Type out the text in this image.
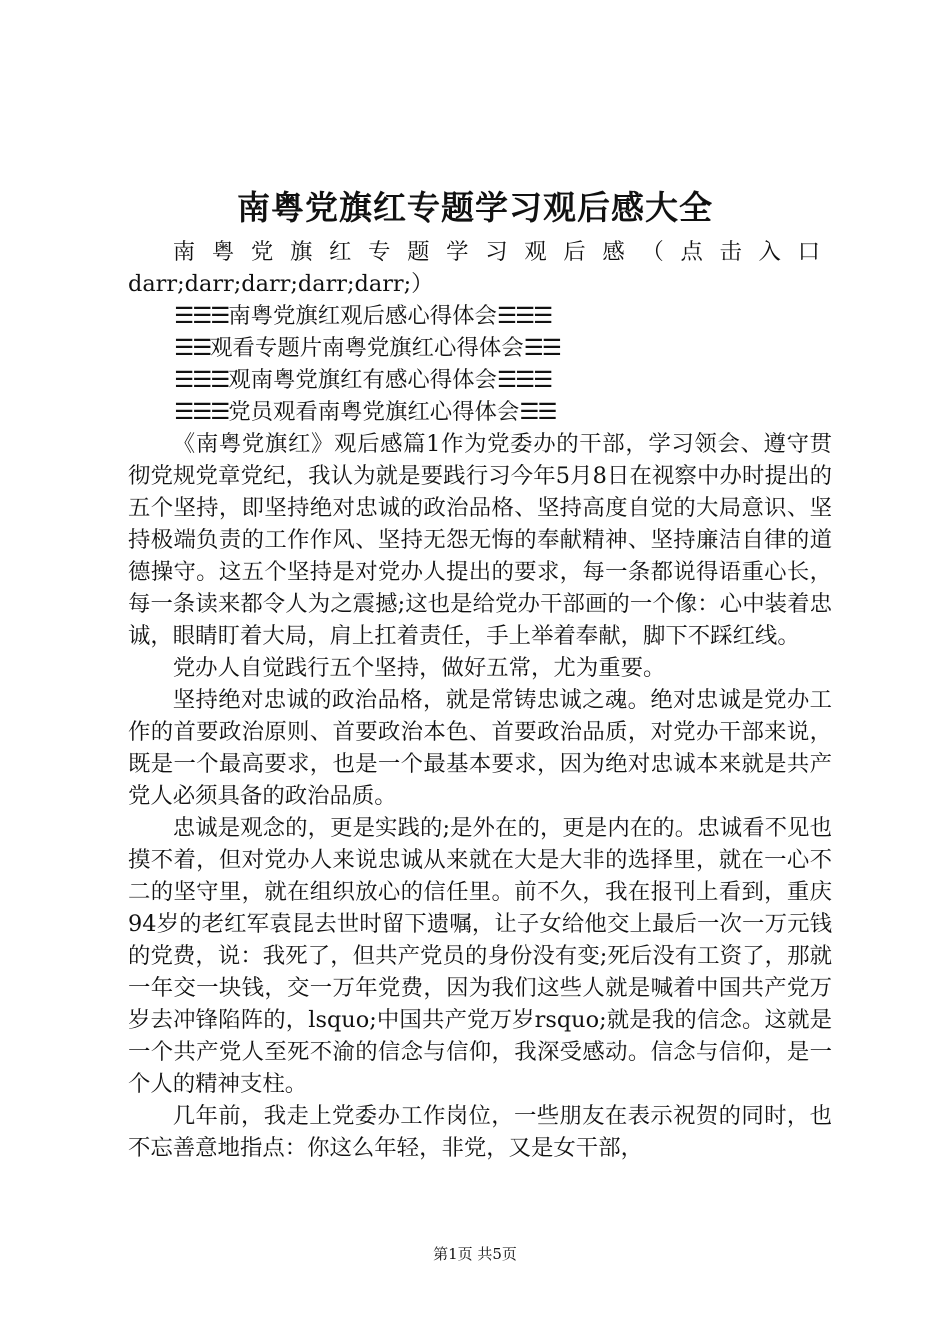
南粤党旗红专题学习观后感大全

南粤党旗红专题学习观后感（点击入口

darr;darr;darr;darr;darr;）

☰☰☰南粤党旗红观后感心得体会☰☰☰
☰☰观看专题片南粤党旗红心得体会☰☰
☰☰☰观南粤党旗红有感心得体会☰☰☰
☰☰☰党员观看南粤党旗红心得体会☰☰

《南粤党旗红》观后感篇1作为党委办的干部，学习领会、遵守贯彻党规党章党纪，我认为就是要践行习今年5月8日在视察中办时提出的五个坚持，即坚持绝对忠诚的政治品格、坚持高度自觉的大局意识、坚持极端负责的工作作风、坚持无怨无悔的奉献精神、坚持廉洁自律的道德操守。这五个坚持是对党办人提出的要求，每一条都说得语重心长，每一条读来都令人为之震撼;这也是给党办干部画的一个像：心中装着忠诚，眼睛盯着大局，肩上扛着责任，手上举着奉献，脚下不踩红线。

党办人自觉践行五个坚持，做好五常，尤为重要。

坚持绝对忠诚的政治品格，就是常铸忠诚之魂。绝对忠诚是党办工作的首要政治原则、首要政治本色、首要政治品质，对党办干部来说，既是一个最高要求，也是一个最基本要求，因为绝对忠诚本来就是共产党人必须具备的政治品质。

忠诚是观念的，更是实践的;是外在的，更是内在的。忠诚看不见也摸不着，但对党办人来说忠诚从来就在大是大非的选择里，就在一心不二的坚守里，就在组织放心的信任里。前不久，我在报刊上看到，重庆94岁的老红军袁昆去世时留下遗嘱，让子女给他交上最后一次一万元钱的党费，说：我死了，但共产党员的身份没有变;死后没有工资了，那就一年交一块钱，交一万年党费，因为我们这些人就是喊着中国共产党万岁去冲锋陷阵的，lsquo;中国共产党万岁rsquo;就是我的信念。这就是一个共产党人至死不渝的信念与信仰，我深受感动。信念与信仰，是一个人的精神支柱。

几年前，我走上党委办工作岗位，一些朋友在表示祝贺的同时，也不忘善意地指点：你这么年轻，非党，又是女干部，

第1页 共5页
